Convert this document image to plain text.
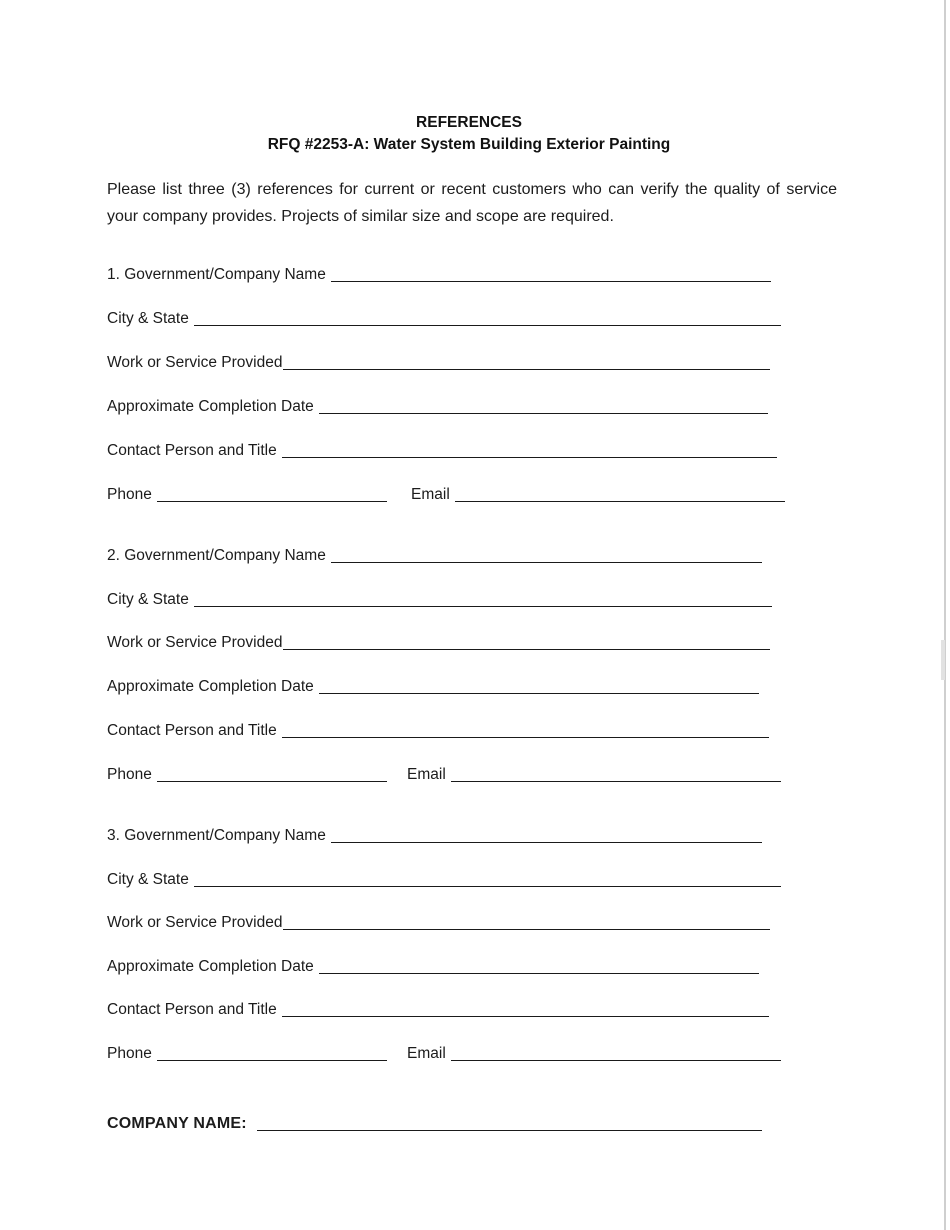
REFERENCES
RFQ #2253-A: Water System Building Exterior Painting
Please list three (3) references for current or recent customers who can verify the quality of service your company provides. Projects of similar size and scope are required.
1. Government/Company Name
City & State
Work or Service Provided
Approximate Completion Date
Contact Person and Title
Phone	Email
2. Government/Company Name
City & State
Work or Service Provided
Approximate Completion Date
Contact Person and Title
Phone	Email
3. Government/Company Name
City & State
Work or Service Provided
Approximate Completion Date
Contact Person and Title
Phone	Email
COMPANY NAME:
